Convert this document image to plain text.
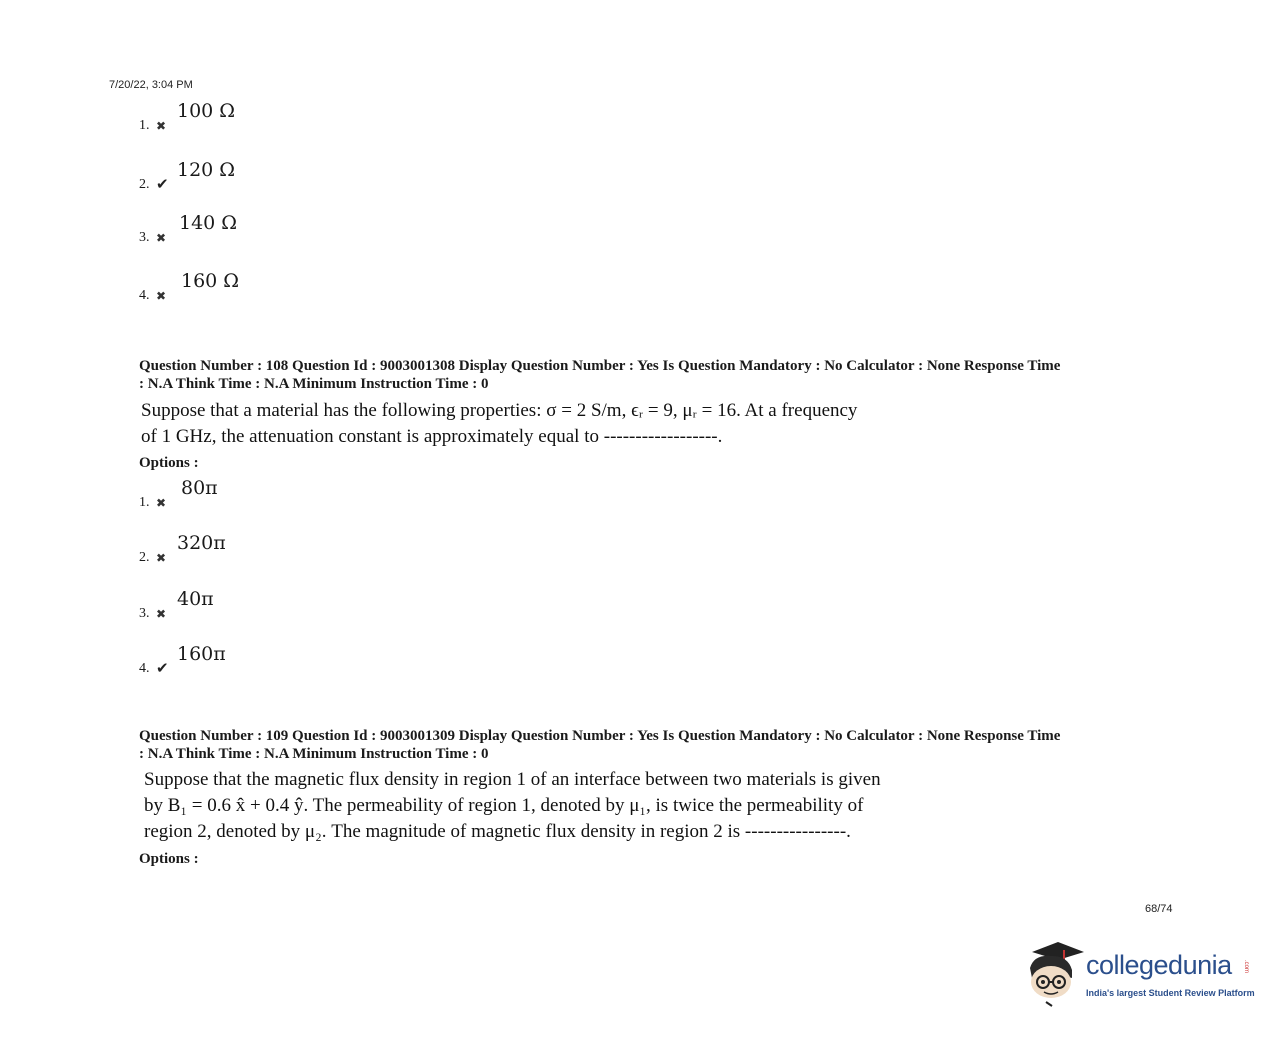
7/20/22, 3:04 PM
1. ✖
100 Ω
2. ✔
120 Ω
3. ✖
140 Ω
4. ✖
160 Ω
Question Number : 108 Question Id : 9003001308 Display Question Number : Yes Is Question Mandatory : No Calculator : None Response Time
: N.A Think Time : N.A Minimum Instruction Time : 0
Suppose that a material has the following properties: σ = 2 S/m, ϵᵣ = 9, μᵣ = 16. At a frequency
of 1 GHz, the attenuation constant is approximately equal to ------------------.
Options :
1. ✖
80π
2. ✖
320π
3. ✖
40π
4. ✔
160π
Question Number : 109 Question Id : 9003001309 Display Question Number : Yes Is Question Mandatory : No Calculator : None Response Time
: N.A Think Time : N.A Minimum Instruction Time : 0
Suppose that the magnetic flux density in region 1 of an interface between two materials is given
by B₁ = 0.6 x̂ + 0.4 ŷ. The permeability of region 1, denoted by μ₁, is twice the permeability of
region 2, denoted by μ₂. The magnitude of magnetic flux density in region 2 is ----------------.
Options :
68/74
collegedunia .com
India's largest Student Review Platform
